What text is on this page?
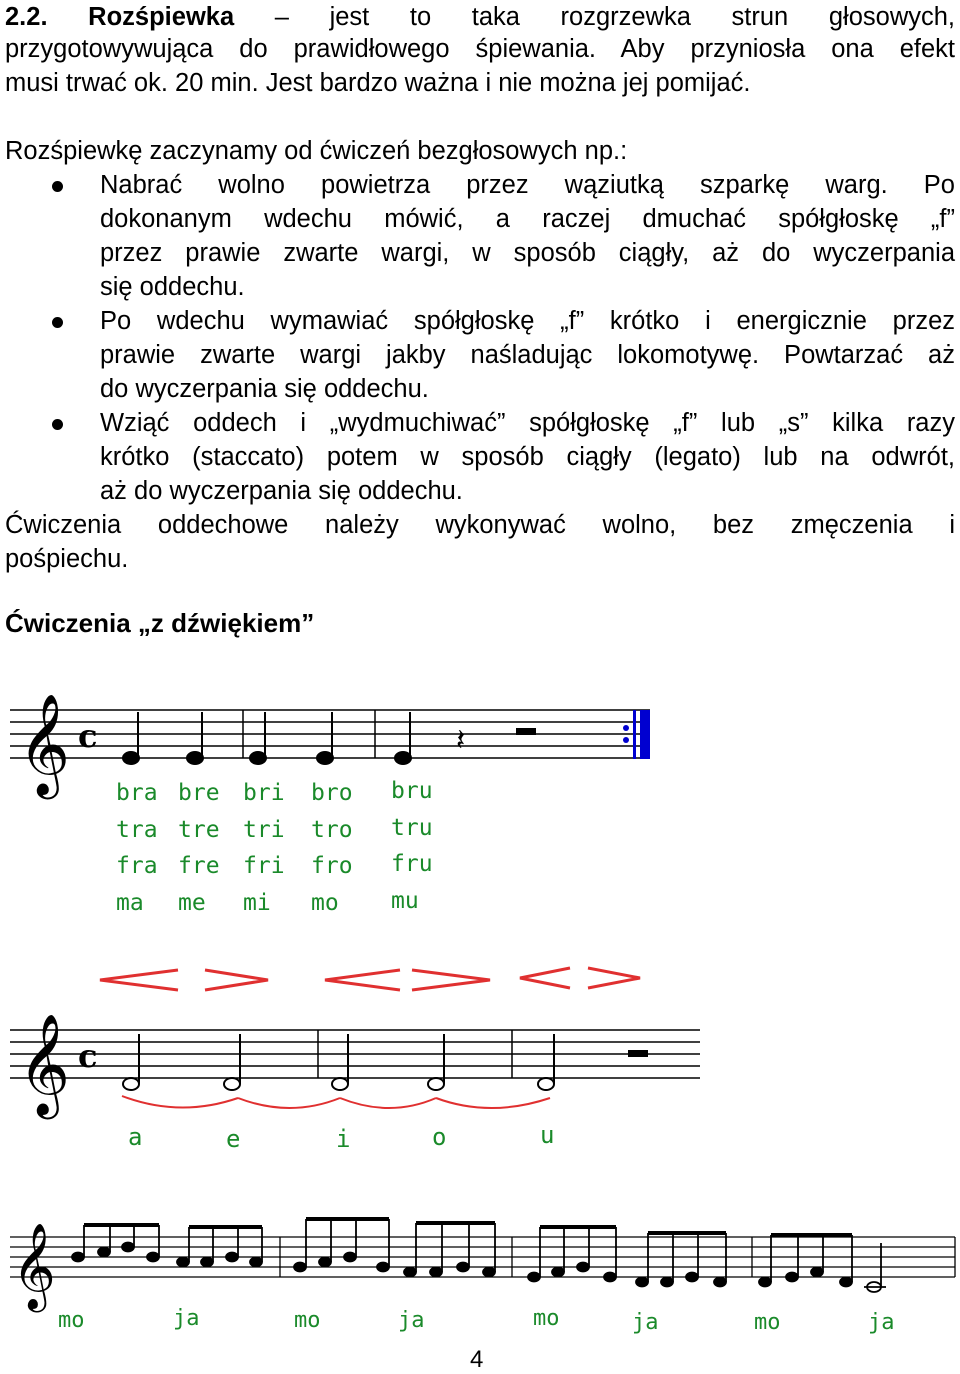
2.2. Rozśpiewka – jest to taka rozgrzewka strun głosowych,
przygotowywująca do prawidłowego śpiewania. Aby przyniosła ona efekt
musi trwać ok. 20 min. Jest bardzo ważna i nie można jej pomijać.
Rozśpiewkę zaczynamy od ćwiczeń bezgłosowych np.:
Nabrać wolno powietrza przez wąziutką szparkę warg. Po
dokonanym wdechu mówić, a raczej dmuchać spółgłoskę „f”
przez prawie zwarte wargi, w sposób ciągły, aż do wyczerpania
się oddechu.
Po wdechu wymawiać spółgłoskę „f” krótko i energicznie przez
prawie zwarte wargi jakby naśladując lokomotywę. Powtarzać aż
do wyczerpania się oddechu.
Wziąć oddech i „wydmuchiwać” spółgłoskę „f” lub „s” kilka razy
krótko (staccato) potem w sposób ciągły (legato) lub na odwrót,
aż do wyczerpania się oddechu.
Ćwiczenia oddechowe należy wykonywać wolno, bez zmęczenia i
pośpiechu.
Ćwiczenia „z dźwiękiem”
𝄞 c	𝄽
bra bre bri bro bru
tra tre tri tro tru
fra fre fri fro fru
ma me mi mo mu
𝄞 c
a	e	i	o	u
𝄞
mo	ja	mo	ja	mo	ja	mo	ja
4
